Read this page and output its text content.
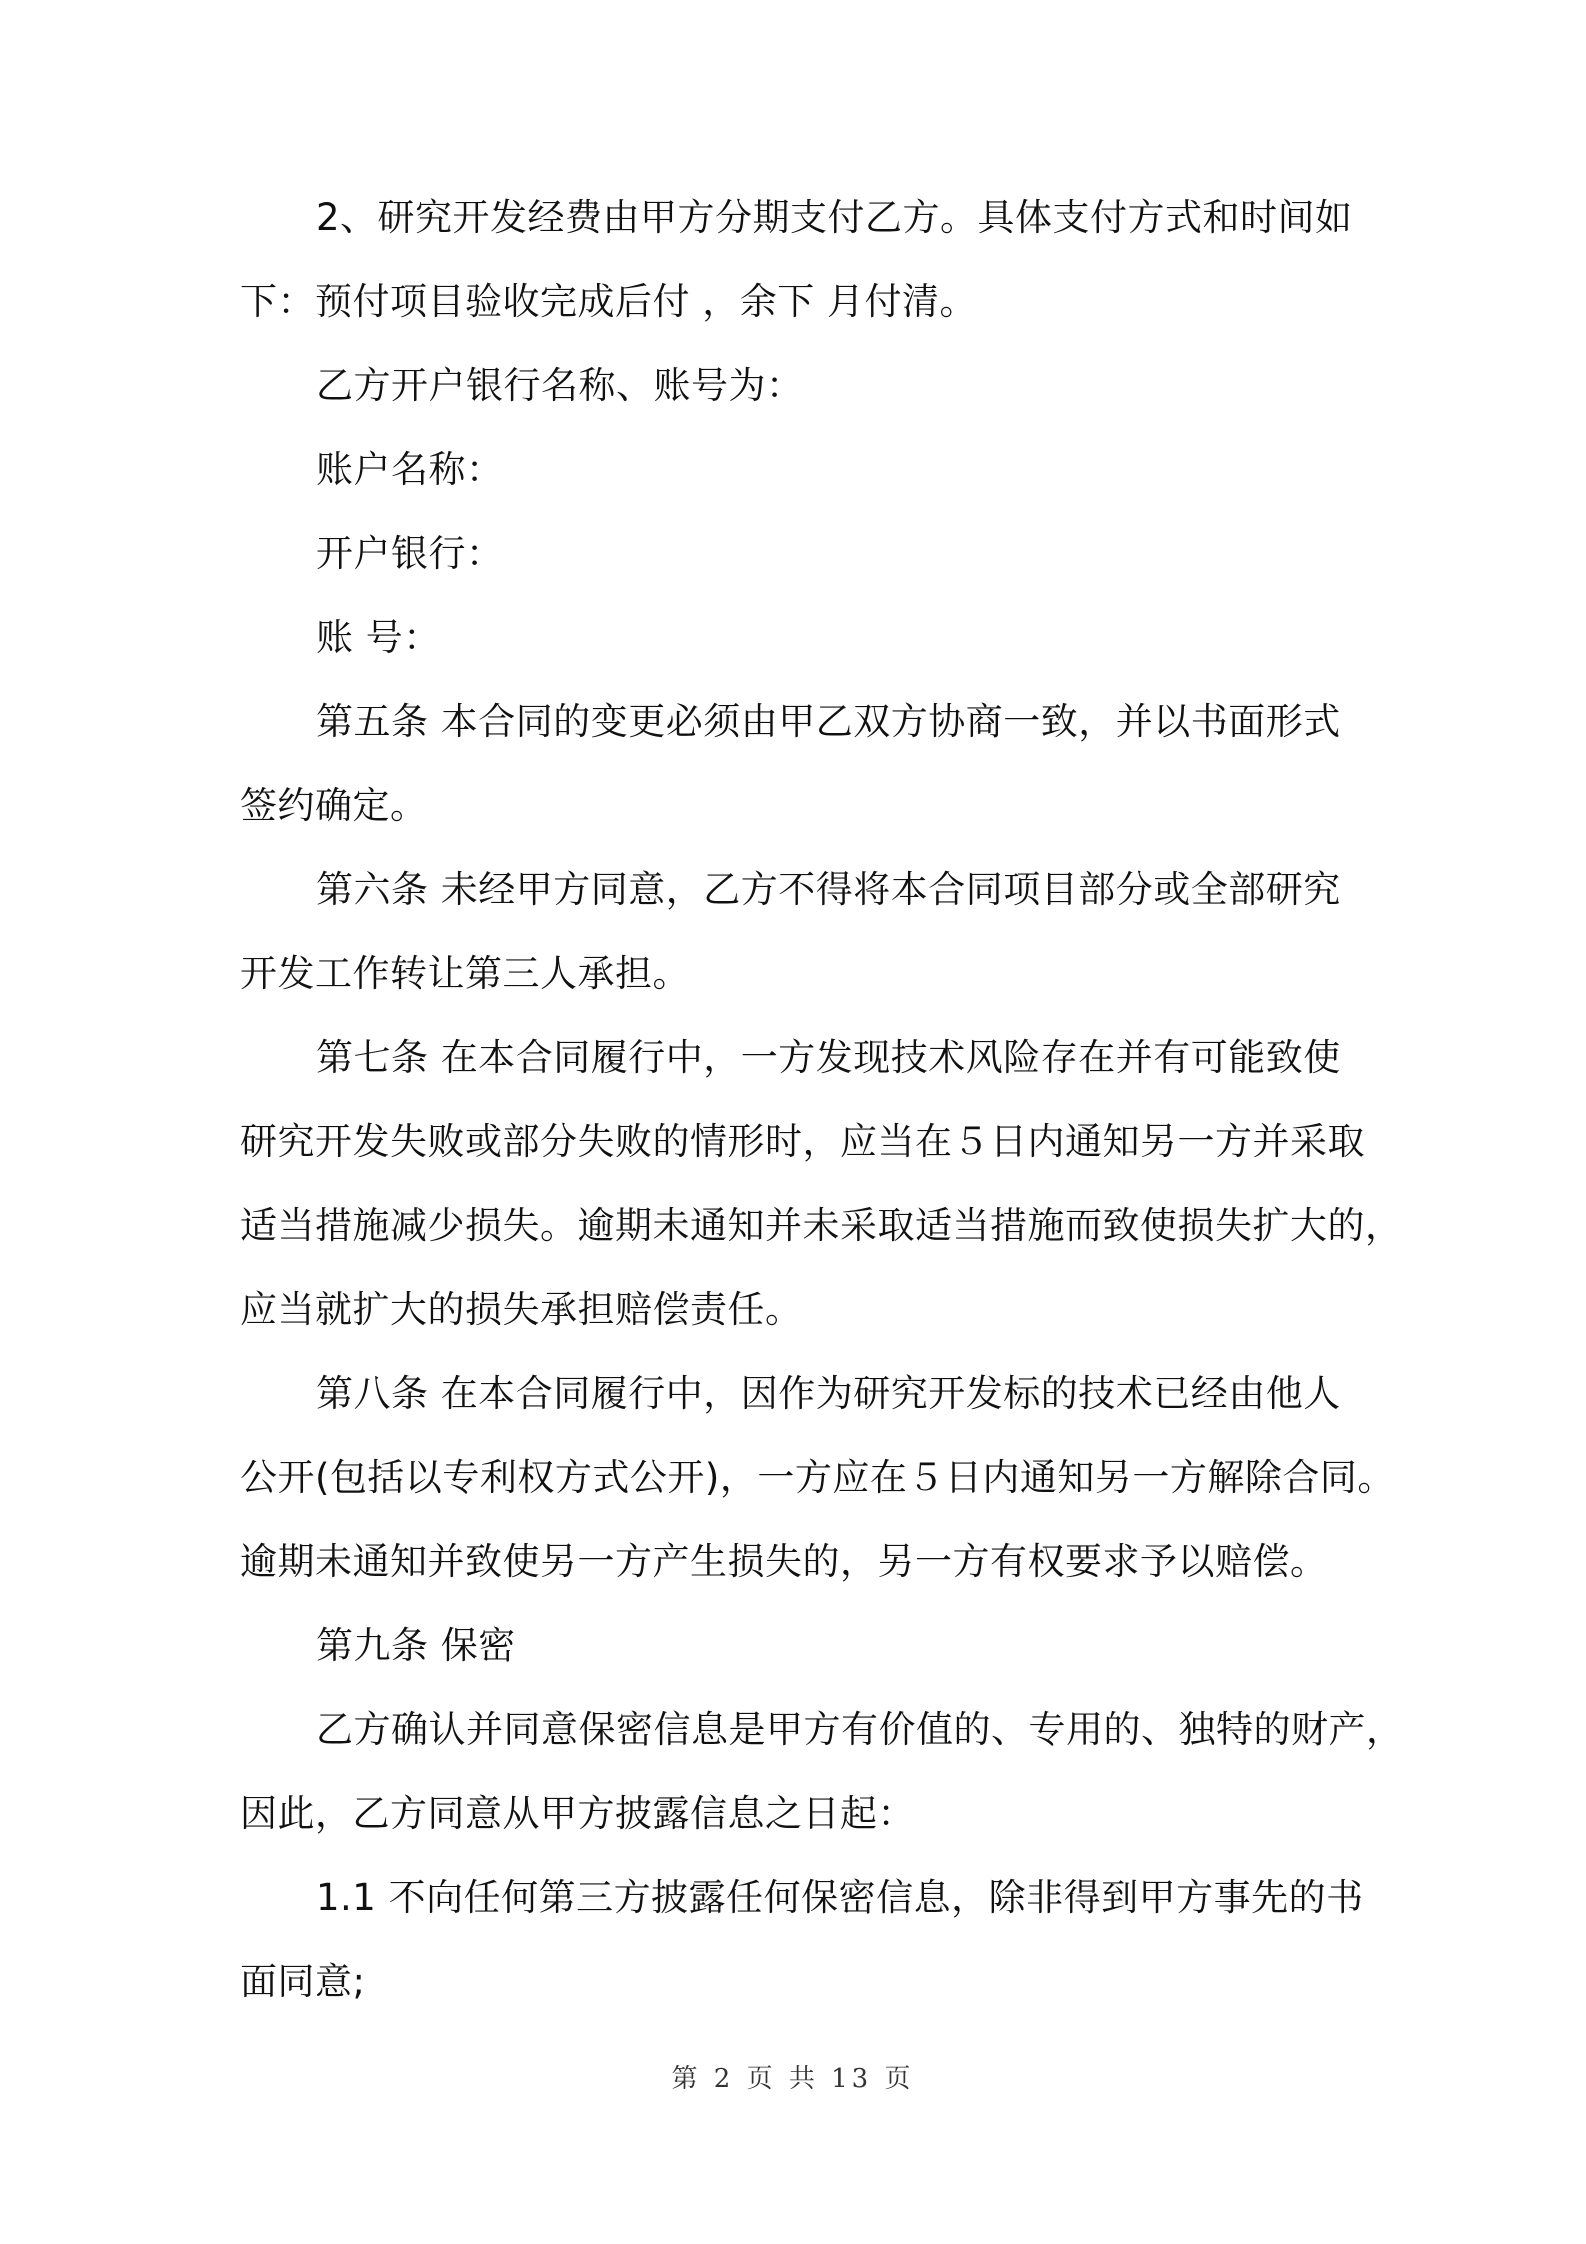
2、研究开发经费由甲方分期支付乙方。具体支付方式和时间如
下：预付项目验收完成后付 ，余下 月付清。
乙方开户银行名称、账号为：
账户名称：
开户银行：
账 号：
第五条 本合同的变更必须由甲乙双方协商一致，并以书面形式
签约确定。
第六条 未经甲方同意，乙方不得将本合同项目部分或全部研究
开发工作转让第三人承担。
第七条 在本合同履行中，一方发现技术风险存在并有可能致使
研究开发失败或部分失败的情形时，应当在５日内通知另一方并采取
适当措施减少损失。逾期未通知并未采取适当措施而致使损失扩大的，
应当就扩大的损失承担赔偿责任。
第八条 在本合同履行中，因作为研究开发标的技术已经由他人
公开(包括以专利权方式公开)，一方应在５日内通知另一方解除合同。
逾期未通知并致使另一方产生损失的，另一方有权要求予以赔偿。
第九条 保密
乙方确认并同意保密信息是甲方有价值的、专用的、独特的财产，
因此，乙方同意从甲方披露信息之日起：
1.1 不向任何第三方披露任何保密信息，除非得到甲方事先的书
面同意;
第 2 页 共 13 页
